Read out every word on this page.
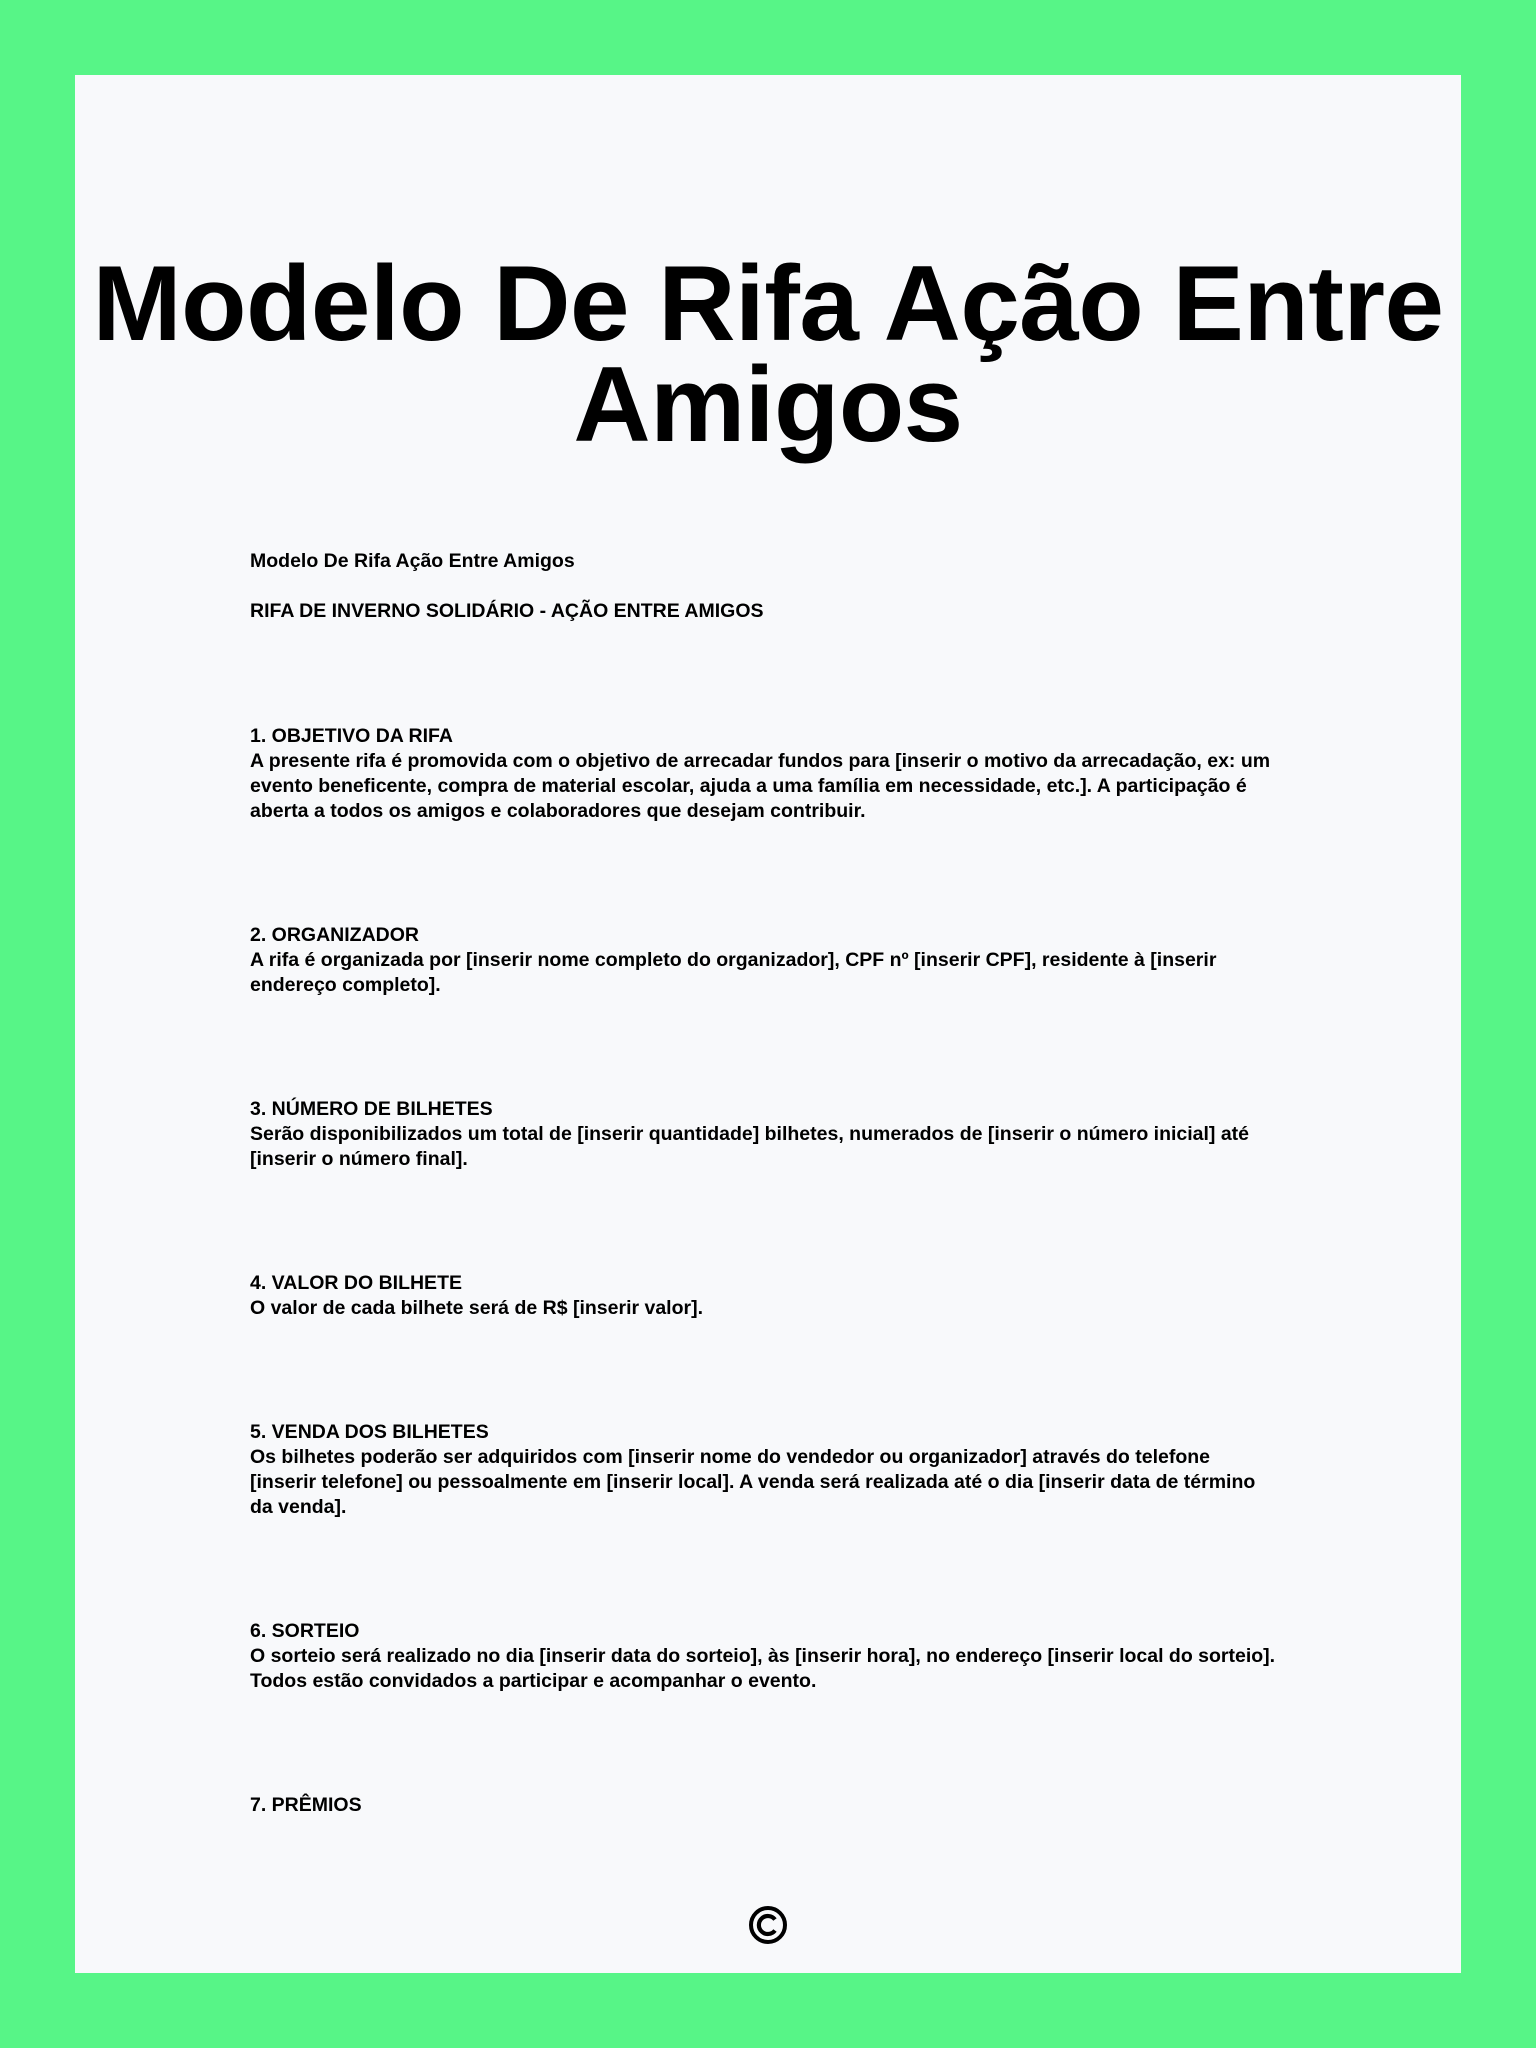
Modelo De Rifa Ação Entre Amigos

Modelo De Rifa Ação Entre Amigos

RIFA DE INVERNO SOLIDÁRIO - AÇÃO ENTRE AMIGOS

1. OBJETIVO DA RIFA

A presente rifa é promovida com o objetivo de arrecadar fundos para [inserir o motivo da arrecadação, ex: um evento beneficente, compra de material escolar, ajuda a uma família em necessidade, etc.]. A participação é aberta a todos os amigos e colaboradores que desejam contribuir.

2. ORGANIZADOR

A rifa é organizada por [inserir nome completo do organizador], CPF nº [inserir CPF], residente à [inserir endereço completo].

3. NÚMERO DE BILHETES

Serão disponibilizados um total de [inserir quantidade] bilhetes, numerados de [inserir o número inicial] até [inserir o número final].

4. VALOR DO BILHETE

O valor de cada bilhete será de R$ [inserir valor].

5. VENDA DOS BILHETES

Os bilhetes poderão ser adquiridos com [inserir nome do vendedor ou organizador] através do telefone [inserir telefone] ou pessoalmente em [inserir local]. A venda será realizada até o dia [inserir data de término da venda].

6. SORTEIO

O sorteio será realizado no dia [inserir data do sorteio], às [inserir hora], no endereço [inserir local do sorteio]. Todos estão convidados a participar e acompanhar o evento.

7. PRÊMIOS
